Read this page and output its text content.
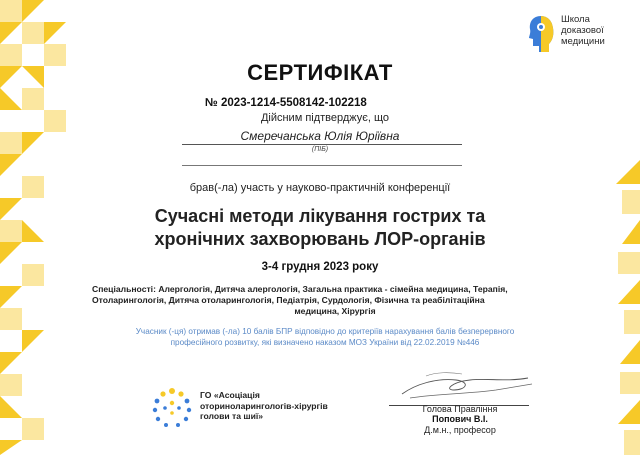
Школа
доказової
медицини
СЕРТИФІКАТ
№ 2023-1214-5508142-102218
Дійсним підтверджує, що
Смеречанська Юлія Юріївна
(ПІБ)
брав(-ла) участь у науково-практичній конференції
Сучасні методи лікування гострих та
хронічних захворювань ЛОР-органів
3-4 грудня 2023 року
Спеціальності: Алергологія, Дитяча алергологія, Загальна практика - сімейна медицина, Терапія,
Отоларингологія, Дитяча отоларингологія, Педіатрія, Сурдологія, Фізична та реабілітаційна
медицина, Хірургія
Учасник (-ця) отримав (-ла) 10 балів БПР відповідно до критеріїв нарахування балів безперервного
професійного розвитку, які визначено наказом МОЗ України від 22.02.2019 №446
ГО «Асоціація
оториноларингологів-хірургів
голови та шиї»
Голова Правління
Попович В.І.
Д.м.н., професор
